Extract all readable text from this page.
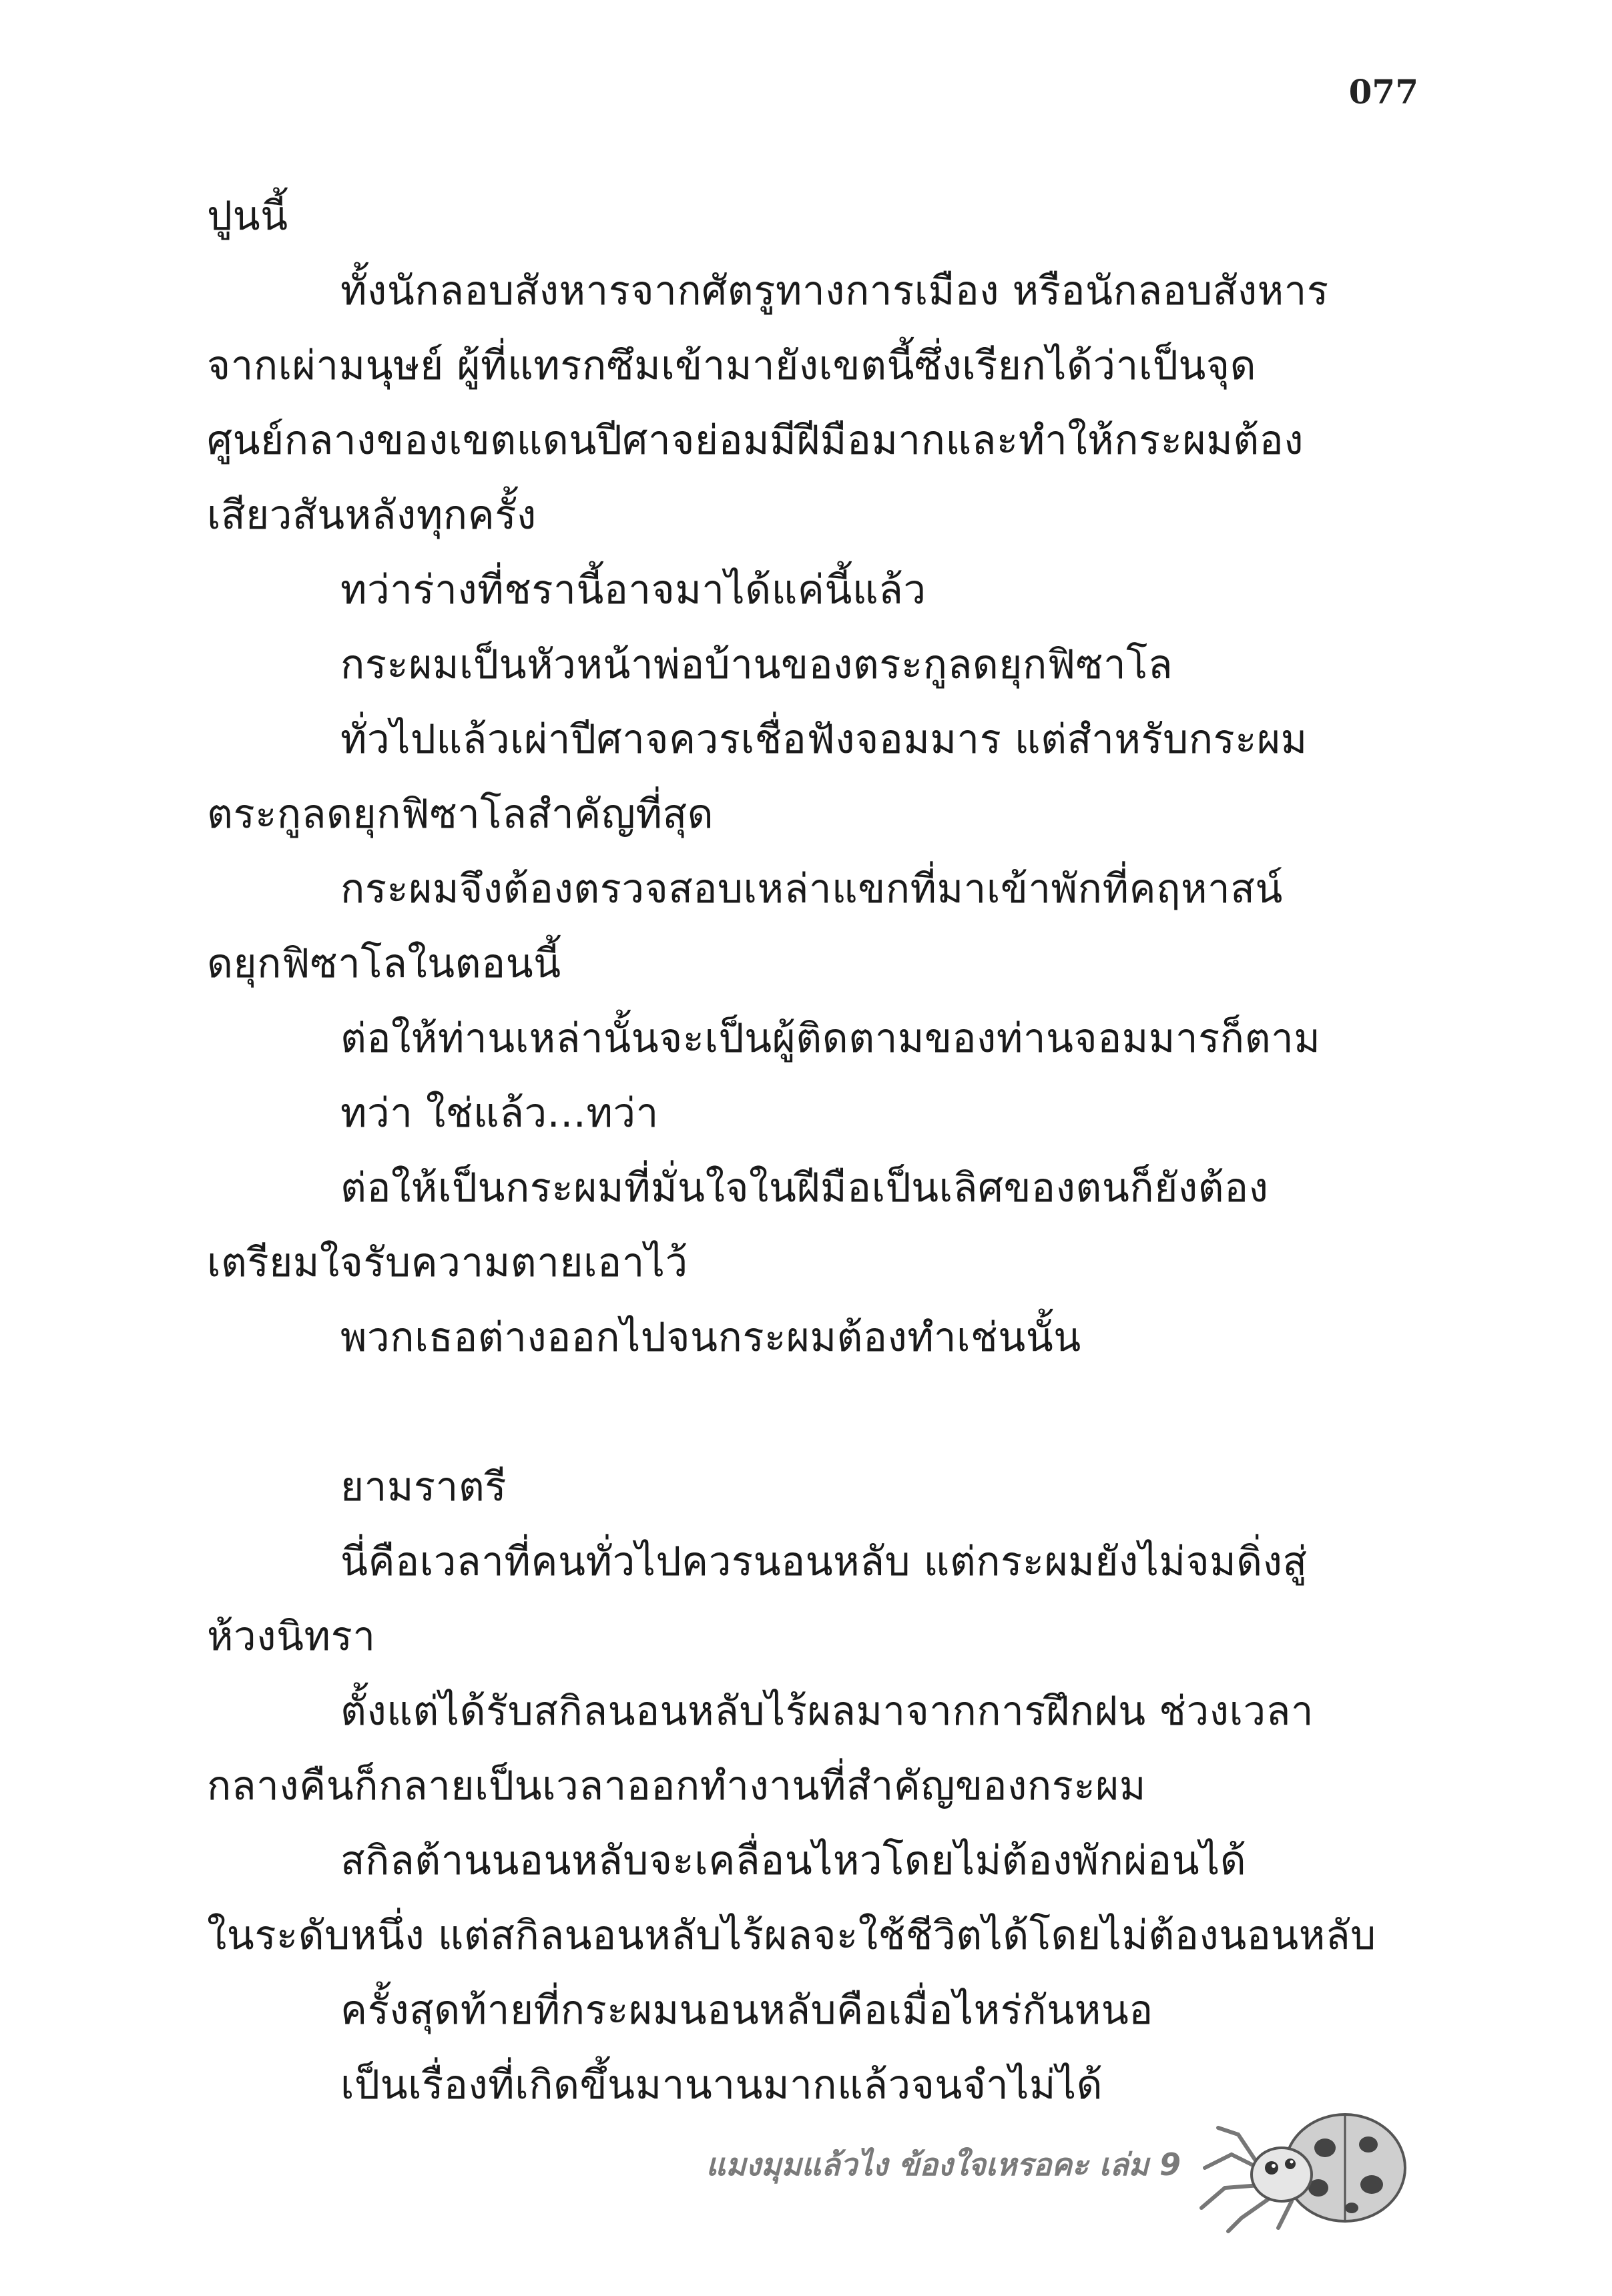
077
ปูนนี้
ทั้งนักลอบสังหารจากศัตรูทางการเมือง หรือนักลอบสังหาร
จากเผ่ามนุษย์ ผู้ที่แทรกซึมเข้ามายังเขตนี้ซึ่งเรียกได้ว่าเป็นจุด
ศูนย์กลางของเขตแดนปีศาจย่อมมีฝีมือมากและทำให้กระผมต้อง
เสียวสันหลังทุกครั้ง
ทว่าร่างที่ชรานี้อาจมาได้แค่นี้แล้ว
กระผมเป็นหัวหน้าพ่อบ้านของตระกูลดยุกฟิซาโล
ทั่วไปแล้วเผ่าปีศาจควรเชื่อฟังจอมมาร แต่สำหรับกระผม
ตระกูลดยุกฟิซาโลสำคัญที่สุด
กระผมจึงต้องตรวจสอบเหล่าแขกที่มาเข้าพักที่คฤหาสน์
ดยุกฟิซาโลในตอนนี้
ต่อให้ท่านเหล่านั้นจะเป็นผู้ติดตามของท่านจอมมารก็ตาม
ทว่า ใช่แล้ว...ทว่า
ต่อให้เป็นกระผมที่มั่นใจในฝีมือเป็นเลิศของตนก็ยังต้อง
เตรียมใจรับความตายเอาไว้
พวกเธอต่างออกไปจนกระผมต้องทำเช่นนั้น
ยามราตรี
นี่คือเวลาที่คนทั่วไปควรนอนหลับ แต่กระผมยังไม่จมดิ่งสู่
ห้วงนิทรา
ตั้งแต่ได้รับสกิลนอนหลับไร้ผลมาจากการฝึกฝน ช่วงเวลา
กลางคืนก็กลายเป็นเวลาออกทำงานที่สำคัญของกระผม
สกิลต้านนอนหลับจะเคลื่อนไหวโดยไม่ต้องพักผ่อนได้
ในระดับหนึ่ง แต่สกิลนอนหลับไร้ผลจะใช้ชีวิตได้โดยไม่ต้องนอนหลับ
ครั้งสุดท้ายที่กระผมนอนหลับคือเมื่อไหร่กันหนอ
เป็นเรื่องที่เกิดขึ้นมานานมากแล้วจนจำไม่ได้
แมงมุมแล้วไง ข้องใจเหรอคะ เล่ม 9
